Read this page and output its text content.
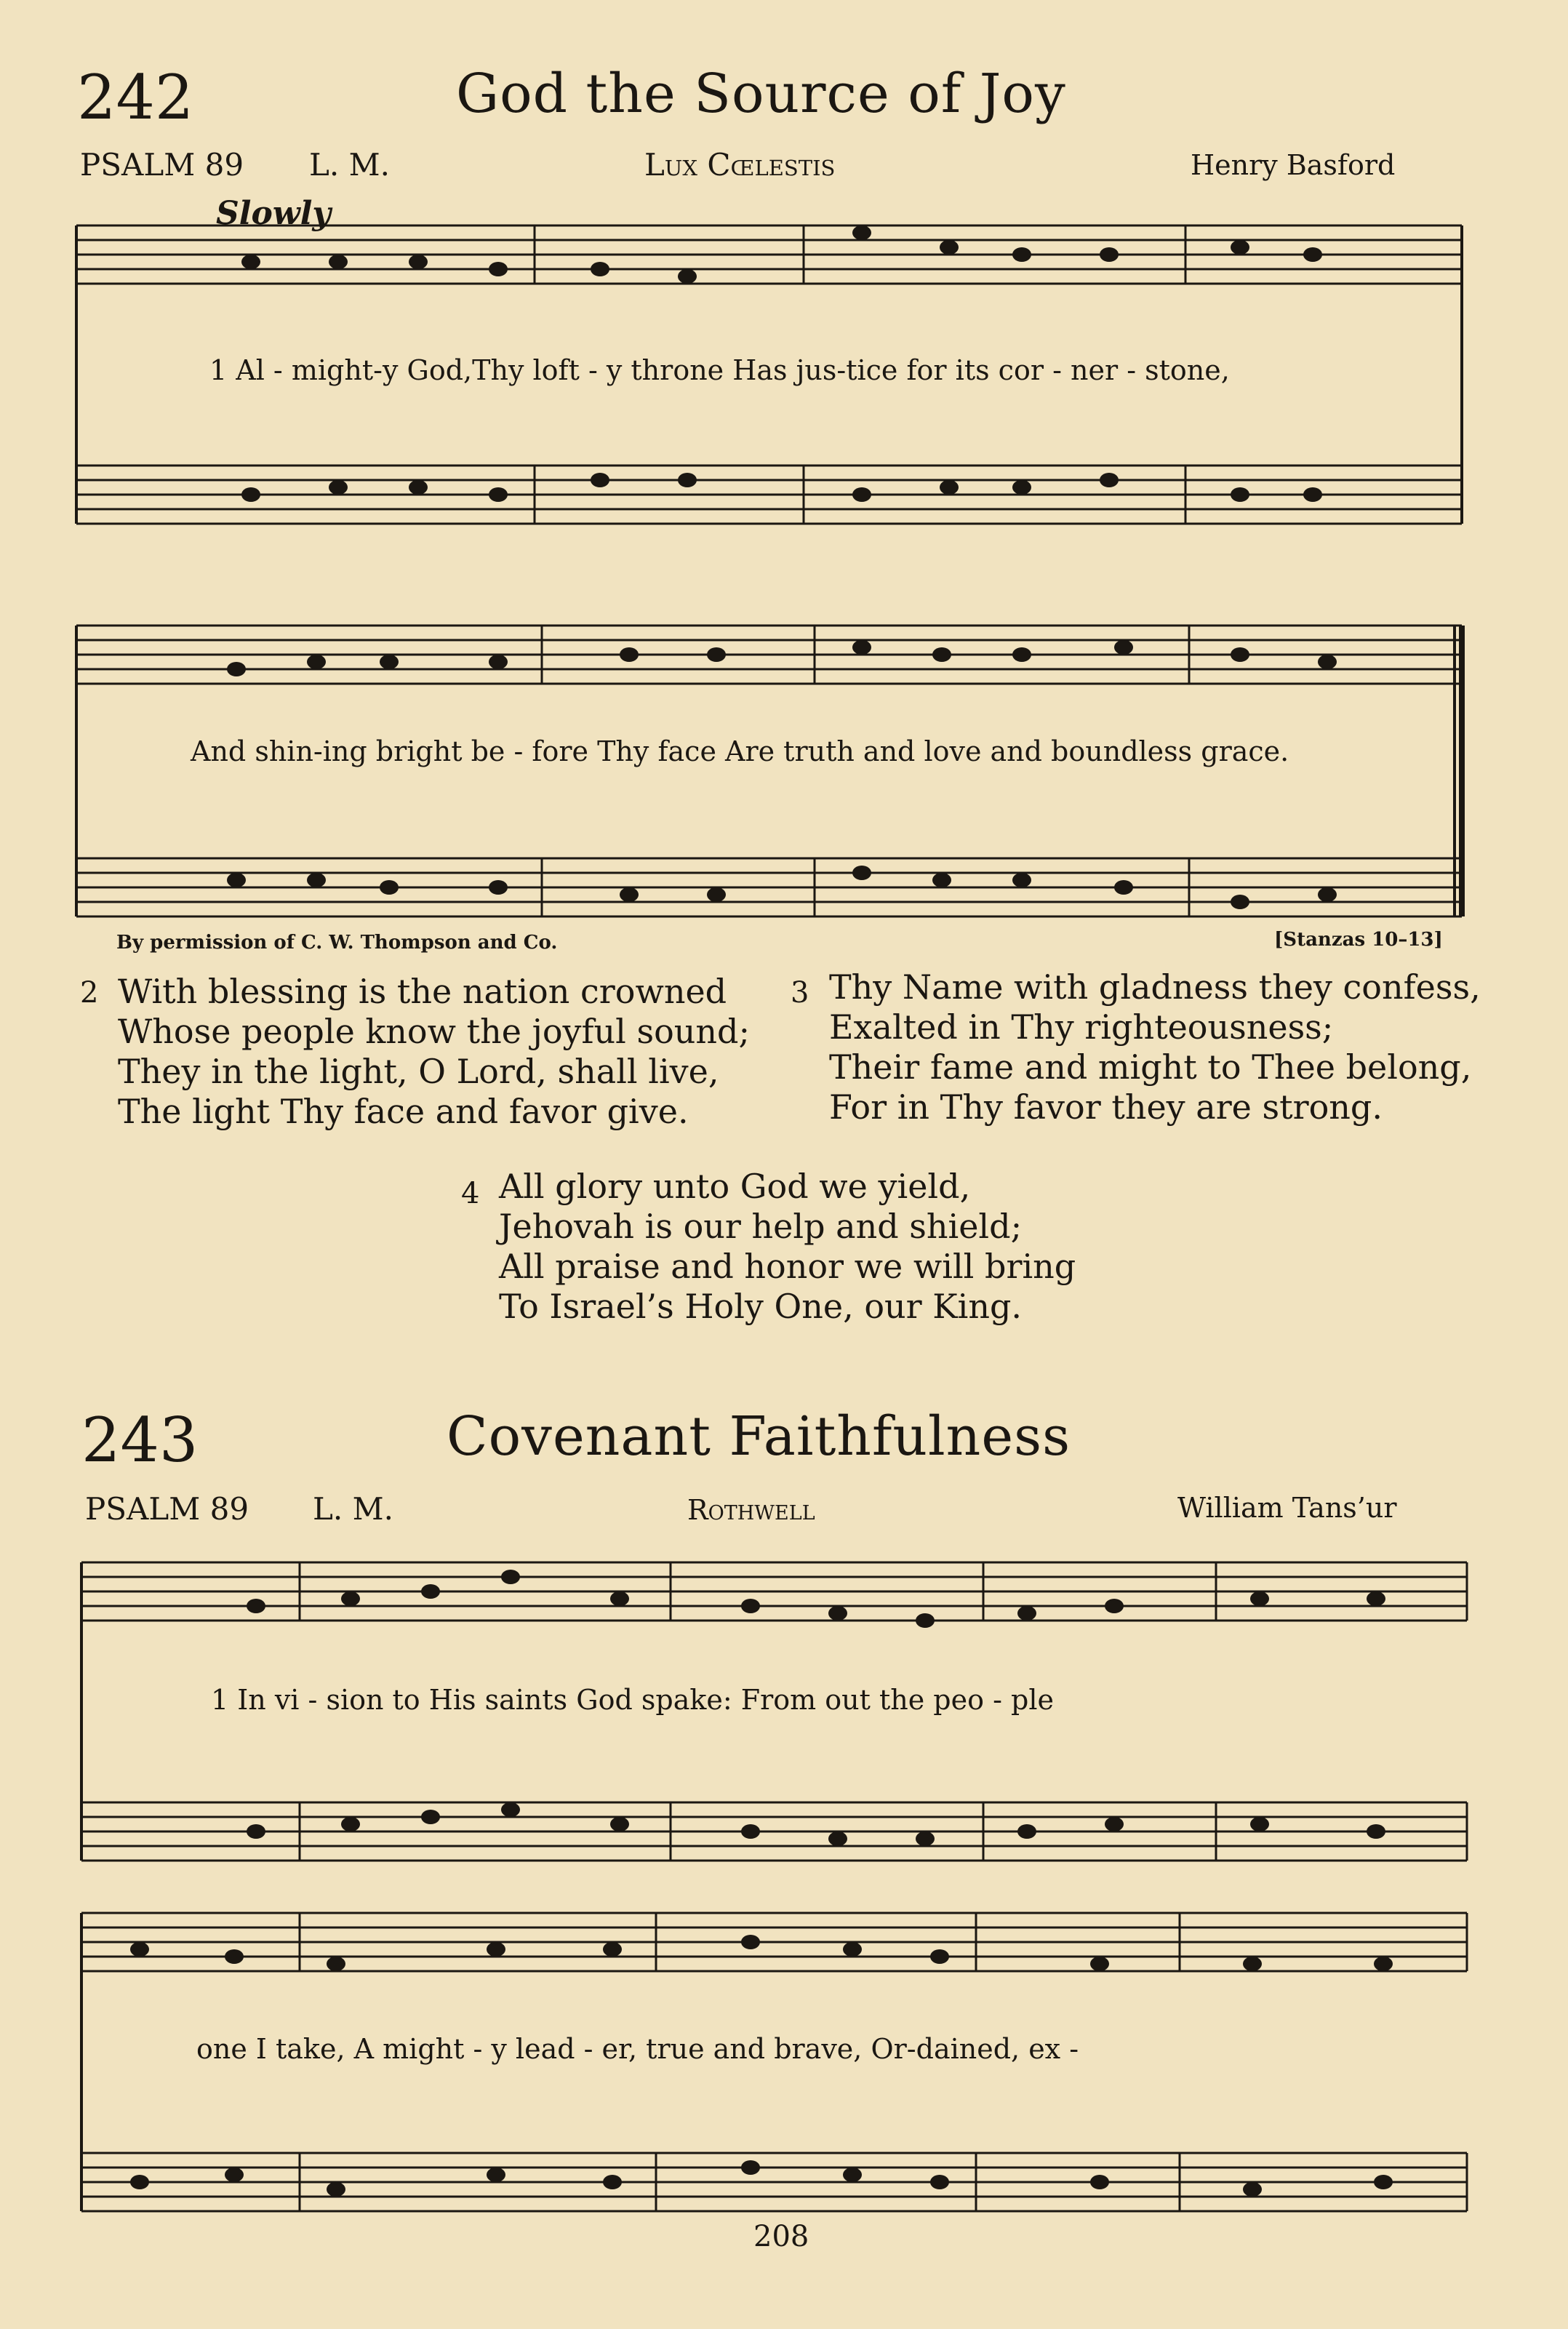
242	God the Source of Joy
PSALM 89 L. M.	Lux Cœlestis	Henry Basford
Slowly
1 Al - might-y God,Thy loft - y throne Has jus-tice for its cor - ner - stone,
And shin-ing bright be - fore Thy face Are truth and love and boundless grace.
By permission of C. W. Thompson and Co.	[Stanzas 10–13]
2 With blessing is the nation crowned
Whose people know the joyful sound;
They in the light, O Lord, shall live,
The light Thy face and favor give.
3 Thy Name with gladness they confess,
Exalted in Thy righteousness;
Their fame and might to Thee belong,
For in Thy favor they are strong.
4 All glory unto God we yield,
Jehovah is our help and shield;
All praise and honor we will bring
To Israel’s Holy One, our King.
243	Covenant Faithfulness
PSALM 89 L. M.	Rothwell	William Tans’ur
1 In vi - sion to His saints God spake: From out the peo - ple
one I take, A might - y lead - er, true and brave, Or-dained, ex -
208
